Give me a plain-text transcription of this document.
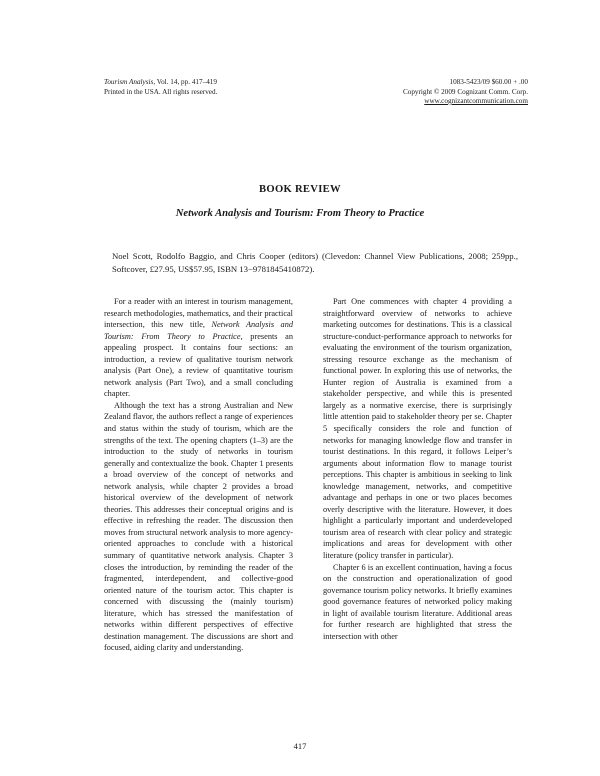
Tourism Analysis, Vol. 14, pp. 417–419
Printed in the USA. All rights reserved.
1083-5423/09 $60.00 + .00
Copyright © 2009 Cognizant Comm. Corp.
www.cognizantcommunication.com
BOOK REVIEW
Network Analysis and Tourism: From Theory to Practice
Noel Scott, Rodolfo Baggio, and Chris Cooper (editors) (Clevedon: Channel View Publications, 2008; 259pp., Softcover, £27.95, US$57.95, ISBN 13−9781845410872).

For a reader with an interest in tourism management, research methodologies, mathematics, and their practical intersection, this new title, Network Analysis and Tourism: From Theory to Practice, presents an appealing prospect. It contains four sections: an introduction, a review of qualitative tourism network analysis (Part One), a review of quantitative tourism network analysis (Part Two), and a small concluding chapter.

Although the text has a strong Australian and New Zealand flavor, the authors reflect a range of experiences and status within the study of tourism, which are the strengths of the text. The opening chapters (1–3) are the introduction to the study of networks in tourism generally and contextualize the book. Chapter 1 presents a broad overview of the concept of networks and network analysis, while chapter 2 provides a broad historical overview of the development of network theories. This addresses their conceptual origins and is effective in refreshing the reader. The discussion then moves from structural network analysis to more agency-oriented approaches to conclude with a historical summary of quantitative network analysis. Chapter 3 closes the introduction, by reminding the reader of the fragmented, interdependent, and collective-good oriented nature of the tourism actor. This chapter is concerned with discussing the (mainly tourism) literature, which has stressed the manifestation of networks within different perspectives of effective destination management. The discussions are short and focused, aiding clarity and understanding.

Part One commences with chapter 4 providing a straightforward overview of networks to achieve marketing outcomes for destinations. This is a classical structure-conduct-performance approach to networks for evaluating the environment of the tourism organization, stressing resource exchange as the mechanism of functional power. In exploring this use of networks, the Hunter region of Australia is examined from a stakeholder perspective, and while this is presented largely as a normative exercise, there is surprisingly little attention paid to stakeholder theory per se. Chapter 5 specifically considers the role and function of networks for managing knowledge flow and transfer in tourist destinations. In this regard, it follows Leiper’s arguments about information flow to manage tourist perceptions. This chapter is ambitious in seeking to link knowledge management, networks, and competitive advantage and perhaps in one or two places becomes overly descriptive with the literature. However, it does highlight a particularly important and underdeveloped tourism area of research with clear policy and strategic implications and areas for development with other literature (policy transfer in particular).

Chapter 6 is an excellent continuation, having a focus on the construction and operationalization of good governance tourism policy networks. It briefly examines good governance features of networked policy making in light of available tourism literature. Additional areas for further research are highlighted that stress the intersection with other

417
